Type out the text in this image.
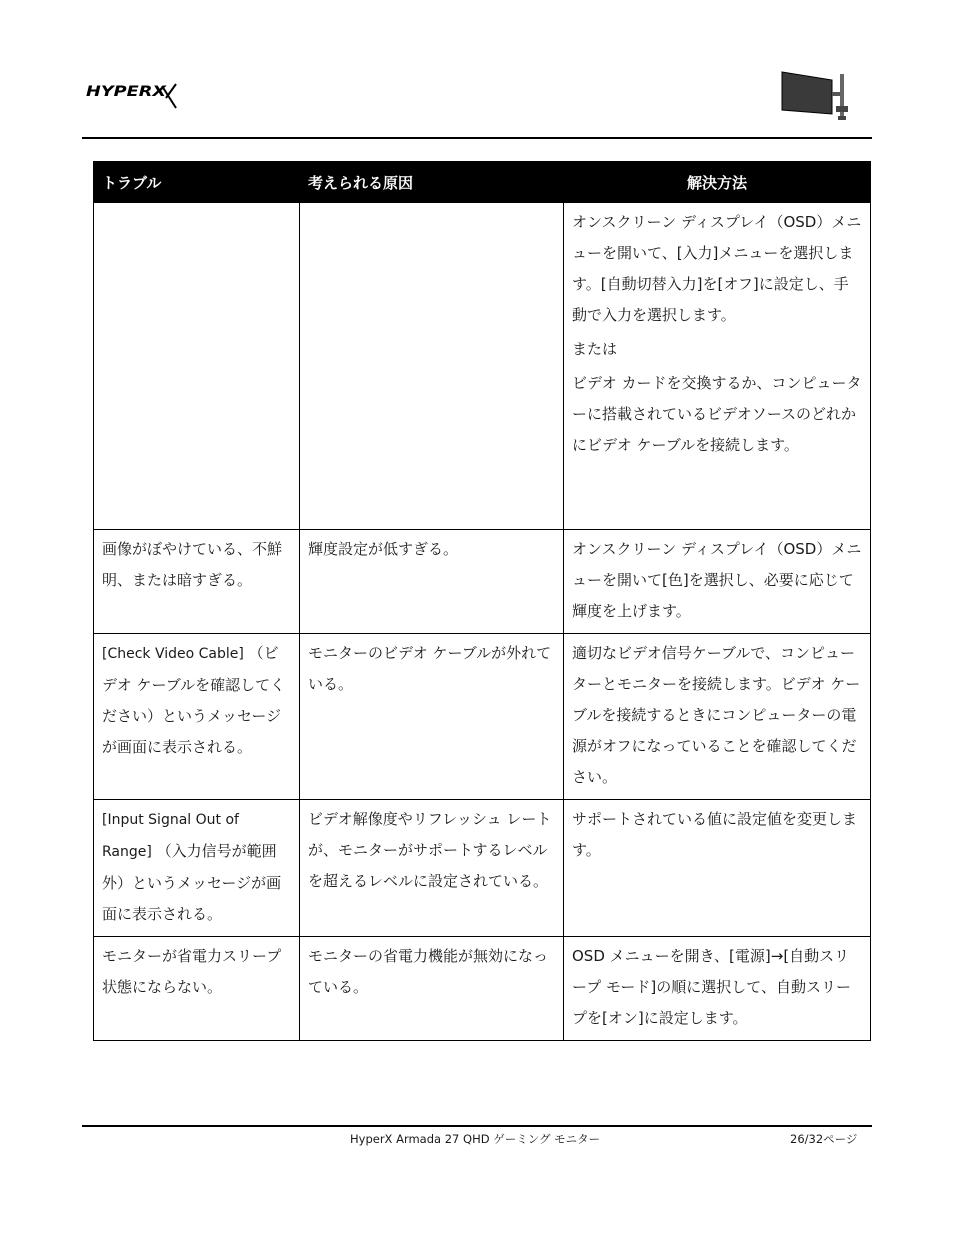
HYPERX
トラブル	考えられる原因	解決方法

		オンスクリーン ディスプレイ（OSD）メニューを開いて、[入力]メニューを選択します。[自動切替入力]を[オフ]に設定し、手動で入力を選択します。

または

ビデオ カードを交換するか、コンピューターに搭載されているビデオソースのどれかにビデオ ケーブルを接続します。

画像がぼやけている、不鮮明、または暗すぎる。	輝度設定が低すぎる。	オンスクリーン ディスプレイ（OSD）メニューを開いて[色]を選択し、必要に応じて輝度を上げます。

[Check Video Cable] （ビデオ ケーブルを確認してください）というメッセージが画面に表示される。	モニターのビデオ ケーブルが外れている。	適切なビデオ信号ケーブルで、コンピューターとモニターを接続します。ビデオ ケーブルを接続するときにコンピューターの電源がオフになっていることを確認してください。

[Input Signal Out of Range] （入力信号が範囲外）というメッセージが画面に表示される。	ビデオ解像度やリフレッシュ レートが、モニターがサポートするレベルを超えるレベルに設定されている。	サポートされている値に設定値を変更します。

モニターが省電力スリープ状態にならない。	モニターの省電力機能が無効になっている。	OSD メニューを開き、[電源]→[自動スリープ モード]の順に選択して、自動スリープを[オン]に設定します。

HyperX Armada 27 QHD ゲーミング モニター	26/32ページ
